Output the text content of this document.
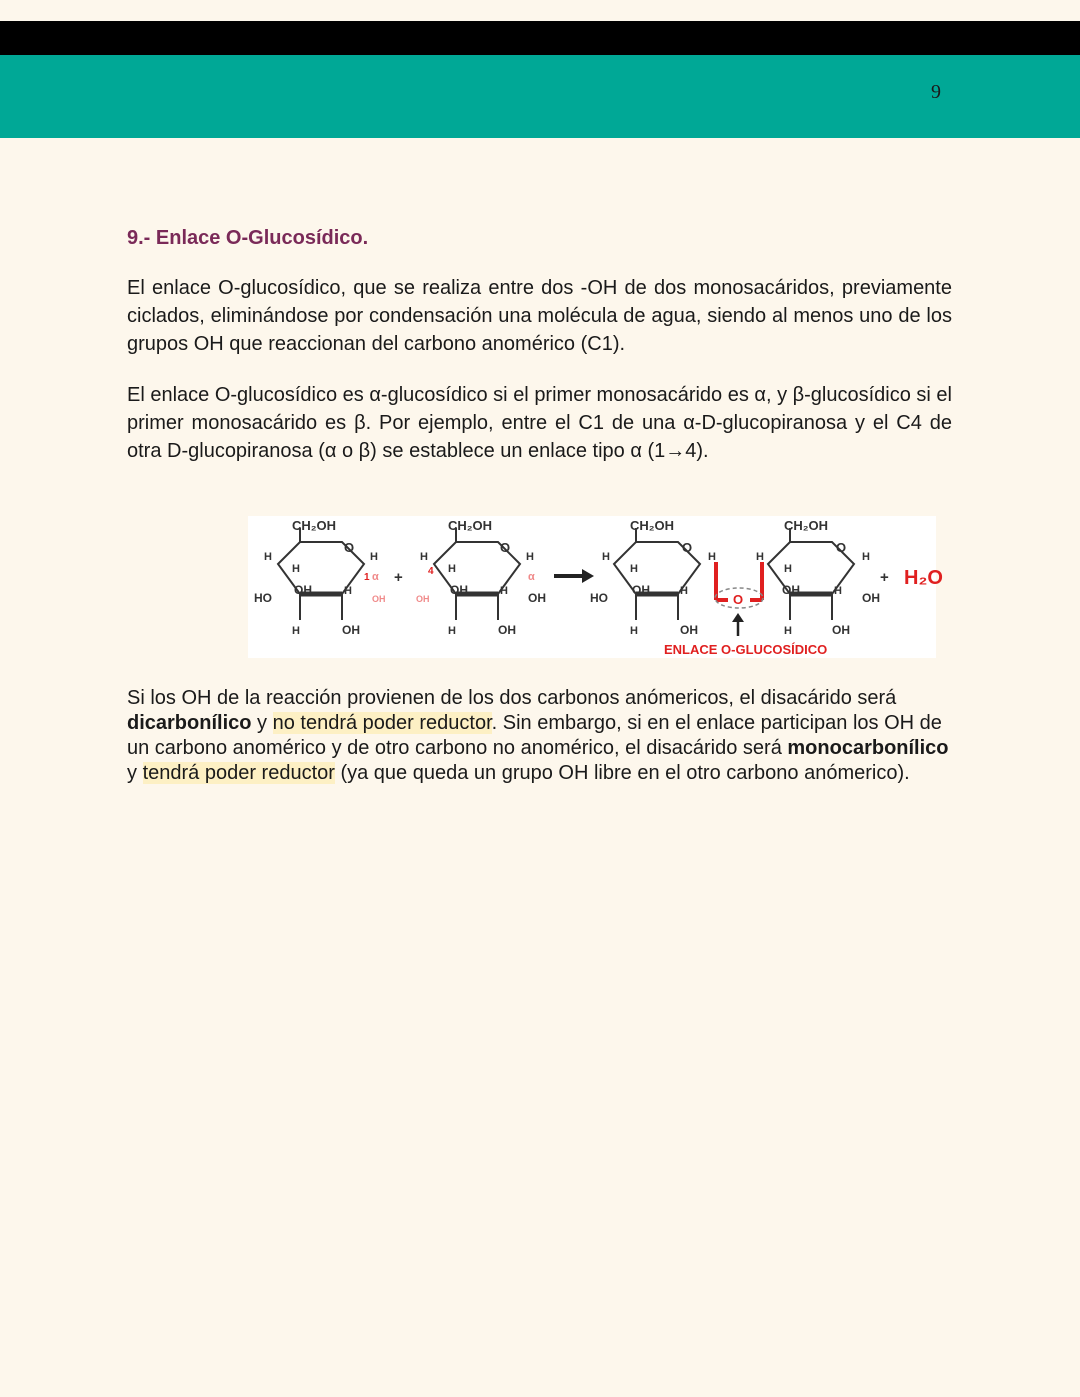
9
9.- Enlace O-Glucosídico.

El enlace O-glucosídico, que se realiza entre dos -OH de dos monosacáridos, previamente ciclados, eliminándose por condensación una molécula de agua, siendo al menos uno de los grupos OH que reaccionan del carbono anomérico (C1).

El enlace O-glucosídico es α-glucosídico si el primer monosacárido es α, y β-glucosídico si el primer monosacárido es β. Por ejemplo, entre el C1 de una α-D-glucopiranosa y el C4 de otra D-glucopiranosa (α o β) se establece un enlace tipo α (1→4).

CH₂OH
O
H
H
H
1 α +
OH	H
OH
HO
H	OH
CH₂OH
O
H
4 H
H
α
OH
OH	H OH
H	OH
CH₂OH
O
H
H
H
OH	H
HO
H	OH
O
CH₂OH
O
H
H
H
OH	H OH
H	OH
+ H₂O
ENLACE O-GLUCOSÍDICO

Si los OH de la reacción provienen de los dos carbonos anómericos, el disacárido será dicarbonílico y no tendrá poder reductor. Sin embargo, si en el enlace participan los OH de un carbono anomérico y de otro carbono no anomérico, el disacárido será monocarbonílico y tendrá poder reductor (ya que queda un grupo OH libre en el otro carbono anómerico).
